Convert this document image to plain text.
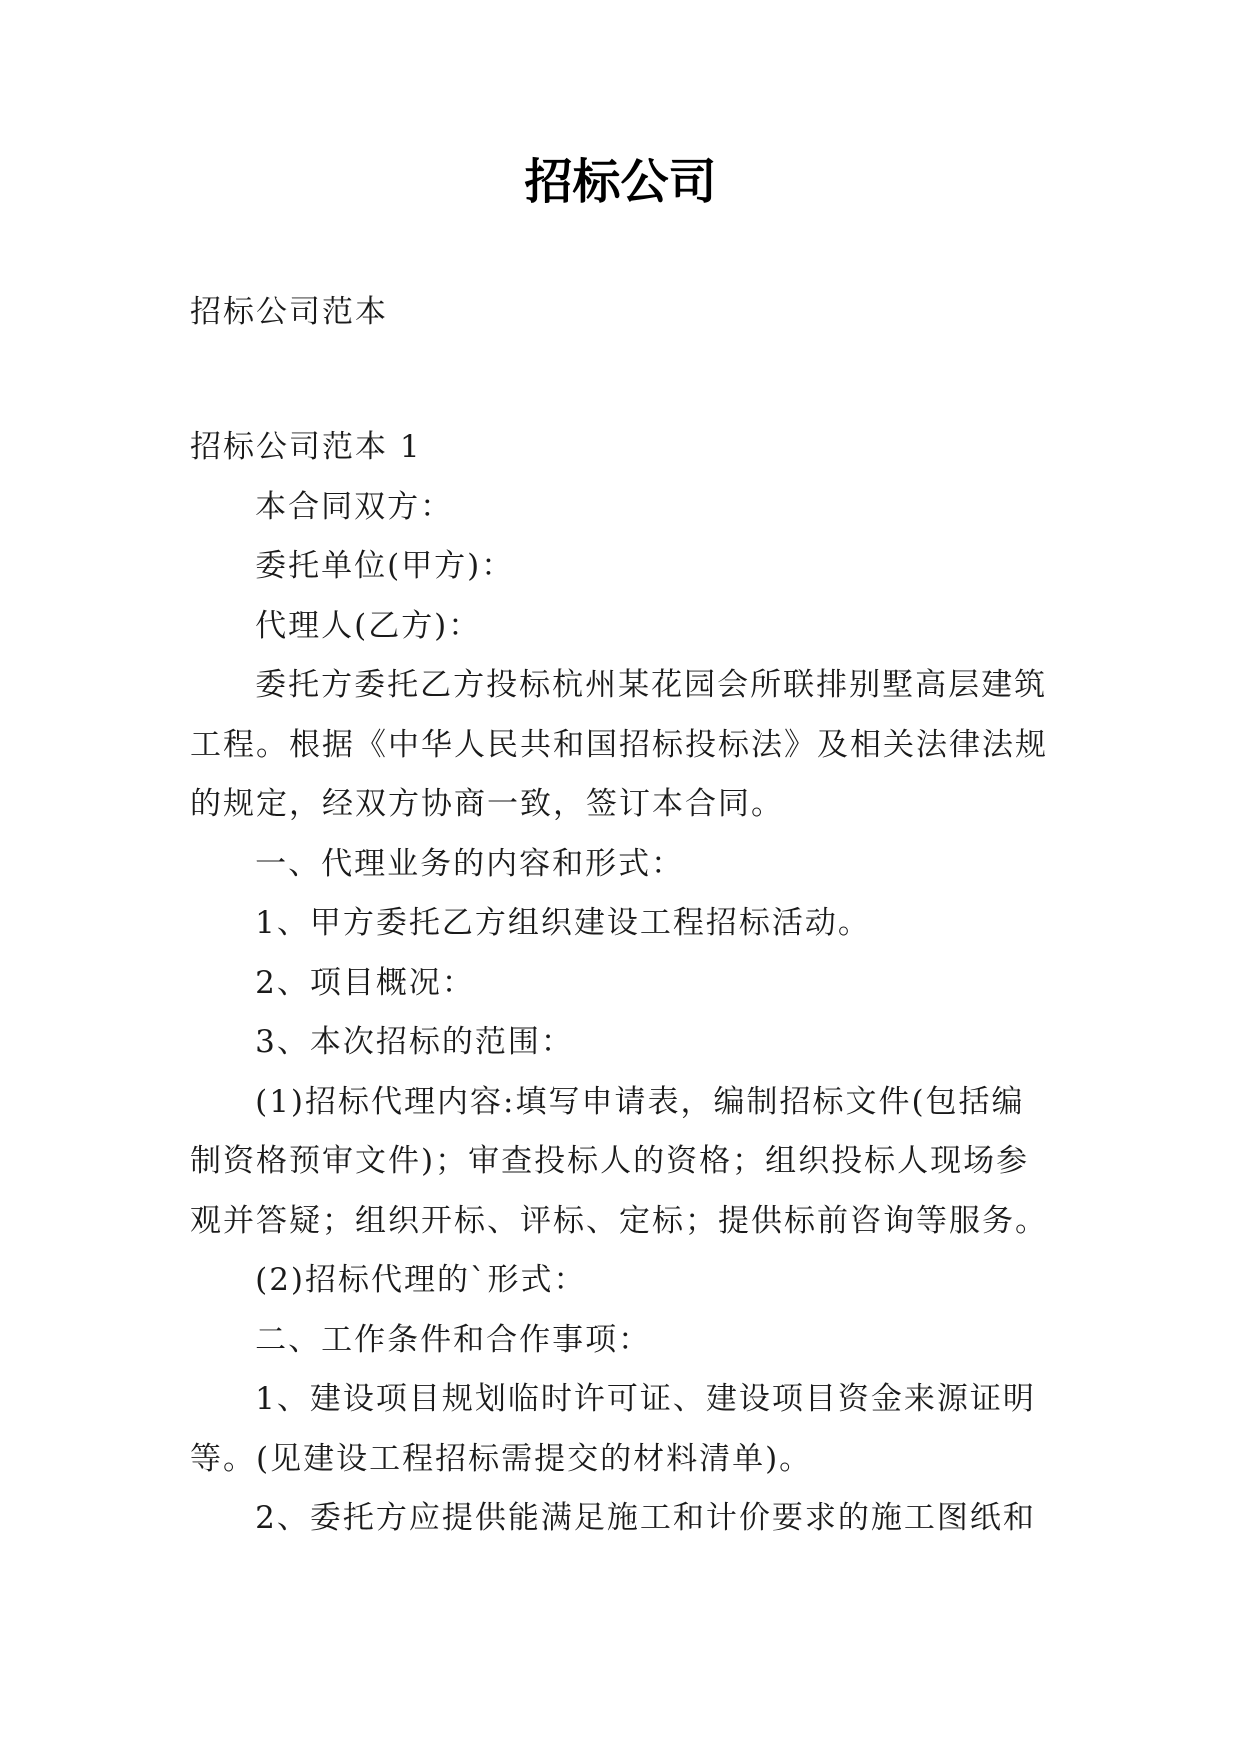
招标公司
招标公司范本

招标公司范本 1

本合同双方：

委托单位(甲方)：

代理人(乙方)：

委托方委托乙方投标杭州某花园会所联排别墅高层建筑工程。根据《中华人民共和国招标投标法》及相关法律法规的规定，经双方协商一致，签订本合同。

一、代理业务的内容和形式：

1、甲方委托乙方组织建设工程招标活动。

2、项目概况：

3、本次招标的范围：

(1)招标代理内容:填写申请表，编制招标文件(包括编制资格预审文件)；审查投标人的资格；组织投标人现场参观并答疑；组织开标、评标、定标；提供标前咨询等服务。

(2)招标代理的`形式：

二、工作条件和合作事项：

1、建设项目规划临时许可证、建设项目资金来源证明等。(见建设工程招标需提交的材料清单)。

2、委托方应提供能满足施工和计价要求的施工图纸和
